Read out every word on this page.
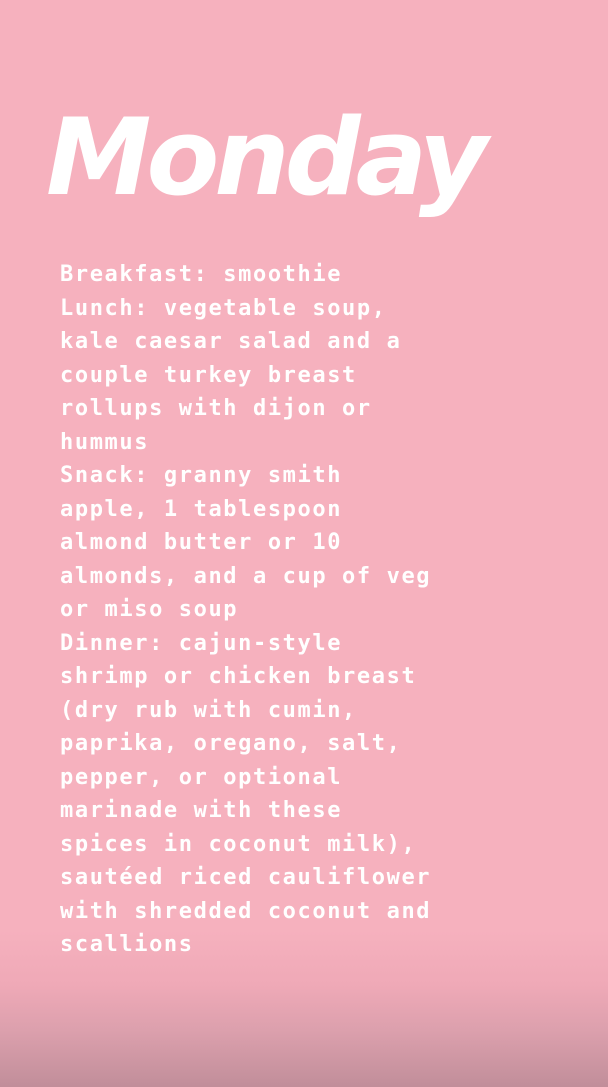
Monday
Breakfast: smoothie
Lunch: vegetable soup,
kale caesar salad and a
couple turkey breast
rollups with dijon or
hummus
Snack: granny smith
apple, 1 tablespoon
almond butter or 10
almonds, and a cup of veg
or miso soup
Dinner: cajun-style
shrimp or chicken breast
(dry rub with cumin,
paprika, oregano, salt,
pepper, or optional
marinade with these
spices in coconut milk),
sautéed riced cauliflower
with shredded coconut and
scallions
